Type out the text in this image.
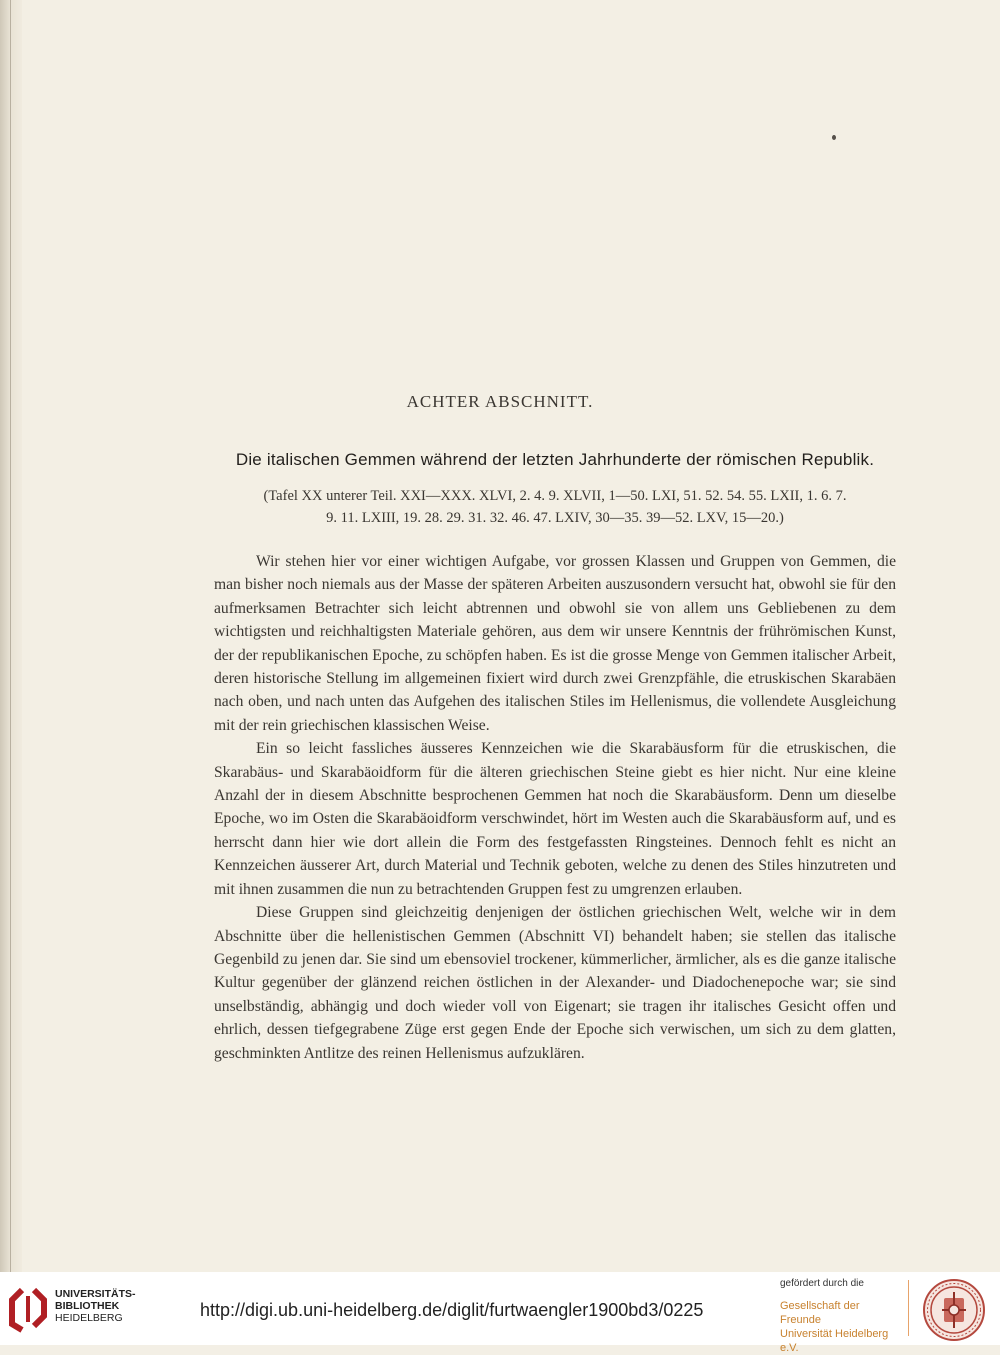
ACHTER ABSCHNITT.
Die italischen Gemmen während der letzten Jahrhunderte der römischen Republik.
(Tafel XX unterer Teil. XXI—XXX. XLVI, 2. 4. 9. XLVII, 1—50. LXI, 51. 52. 54. 55. LXII, 1. 6. 7.
9. 11. LXIII, 19. 28. 29. 31. 32. 46. 47. LXIV, 30—35. 39—52. LXV, 15—20.)

Wir stehen hier vor einer wichtigen Aufgabe, vor grossen Klassen und Gruppen von Gemmen, die man bisher noch niemals aus der Masse der späteren Arbeiten auszusondern versucht hat, obwohl sie für den aufmerksamen Betrachter sich leicht abtrennen und obwohl sie von allem uns Gebliebenen zu dem wichtigsten und reichhaltigsten Materiale gehören, aus dem wir unsere Kenntnis der frührömischen Kunst, der der republikanischen Epoche, zu schöpfen haben. Es ist die grosse Menge von Gemmen italischer Arbeit, deren historische Stellung im allgemeinen fixiert wird durch zwei Grenzpfähle, die etruskischen Skarabäen nach oben, und nach unten das Aufgehen des italischen Stiles im Hellenismus, die vollendete Ausgleichung mit der rein griechischen klassischen Weise.

Ein so leicht fassliches äusseres Kennzeichen wie die Skarabäusform für die etruskischen, die Skarabäus- und Skarabäoidform für die älteren griechischen Steine giebt es hier nicht. Nur eine kleine Anzahl der in diesem Abschnitte besprochenen Gemmen hat noch die Skarabäusform. Denn um dieselbe Epoche, wo im Osten die Skarabäoidform verschwindet, hört im Westen auch die Skarabäusform auf, und es herrscht dann hier wie dort allein die Form des festgefassten Ringsteines. Dennoch fehlt es nicht an Kennzeichen äusserer Art, durch Material und Technik geboten, welche zu denen des Stiles hinzutreten und mit ihnen zusammen die nun zu betrachtenden Gruppen fest zu umgrenzen erlauben.

Diese Gruppen sind gleichzeitig denjenigen der östlichen griechischen Welt, welche wir in dem Abschnitte über die hellenistischen Gemmen (Abschnitt VI) behandelt haben; sie stellen das italische Gegenbild zu jenen dar. Sie sind um ebensoviel trockener, kümmerlicher, ärmlicher, als es die ganze italische Kultur gegenüber der glänzend reichen östlichen in der Alexander- und Diadochenepoche war; sie sind unselbständig, abhängig und doch wieder voll von Eigenart; sie tragen ihr italisches Gesicht offen und ehrlich, dessen tiefgegrabene Züge erst gegen Ende der Epoche sich verwischen, um sich zu dem glatten, geschminkten Antlitze des reinen Hellenismus aufzuklären.

UNIVERSITÄTS-
BIBLIOTHEK
HEIDELBERG	http://digi.ub.uni-heidelberg.de/diglit/furtwaengler1900bd3/0225
gefördert durch die
Gesellschaft der Freunde
Universität Heidelberg e.V.
